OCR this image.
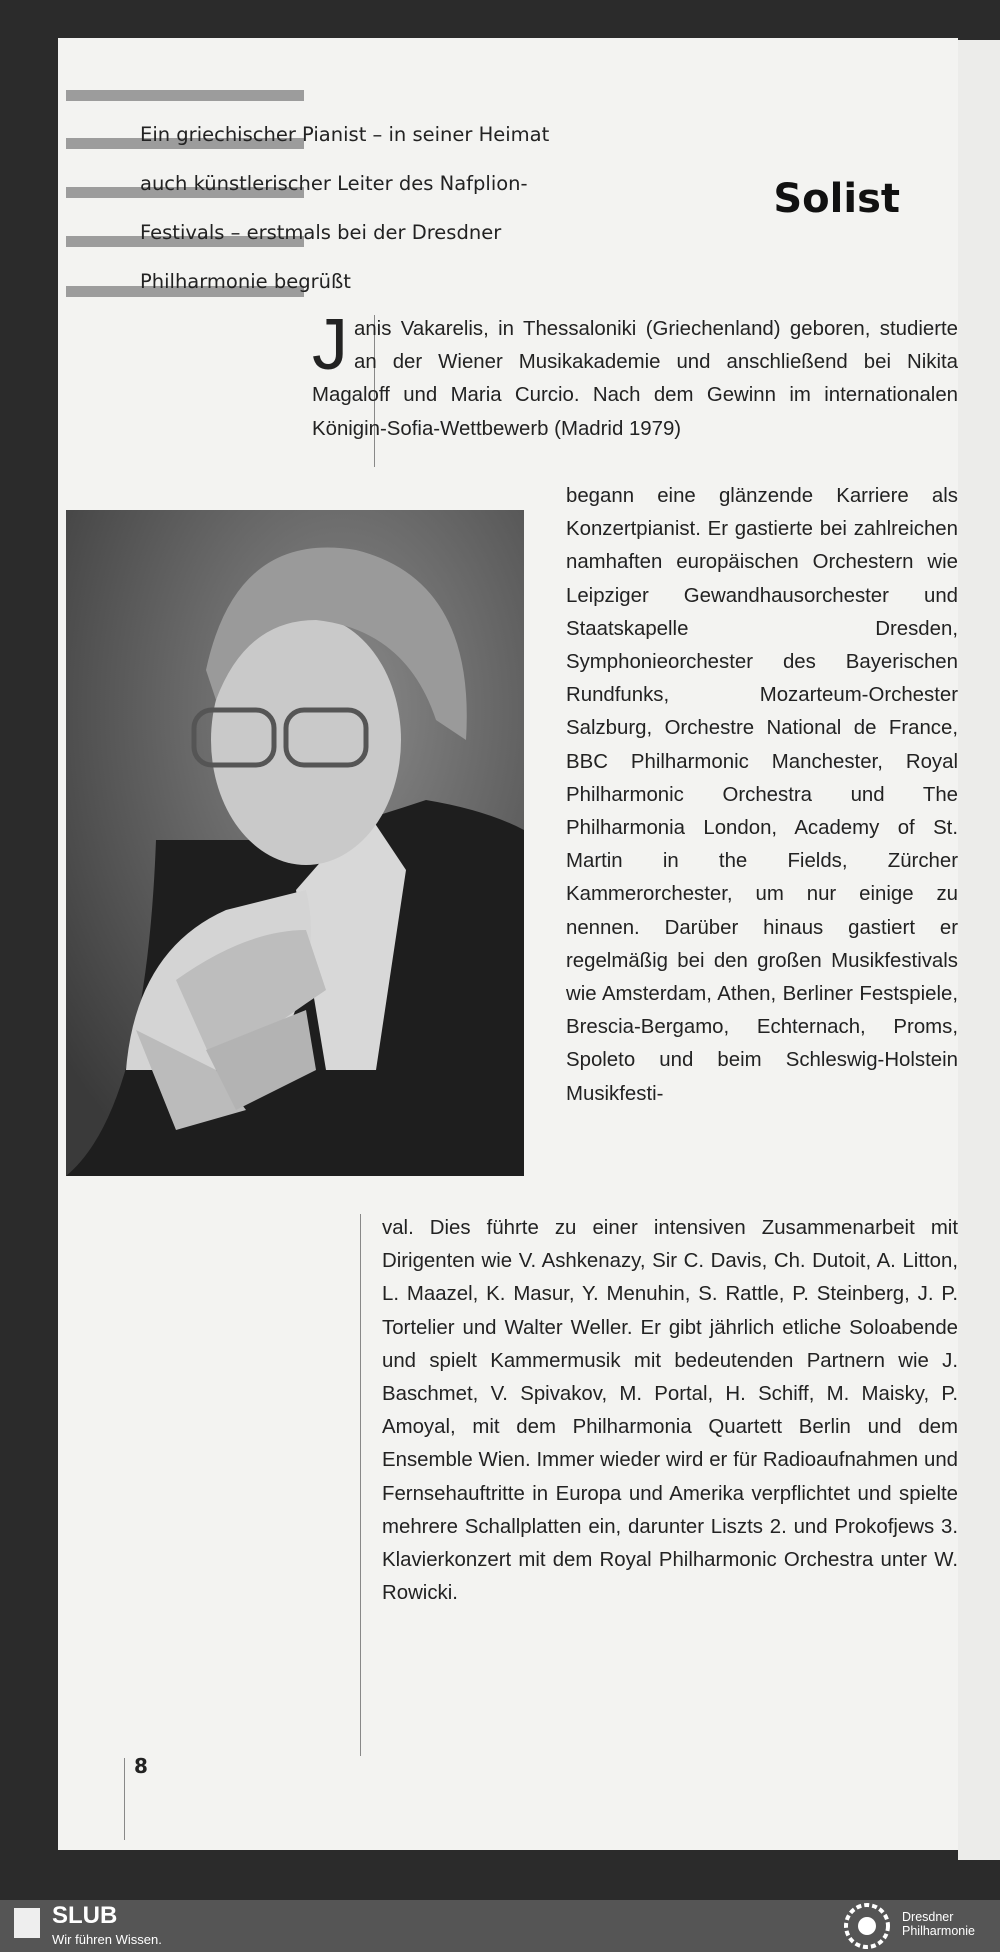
Ein griechischer Pianist – in seiner Heimat auch künstlerischer Leiter des Nafplion-Festivals – erstmals bei der Dresdner Philharmonie begrüßt

Solist

Janis Vakarelis, in Thessaloniki (Griechenland) geboren, studierte an der Wiener Musikakademie und anschließend bei Nikita Magaloff und Maria Curcio. Nach dem Gewinn im internationalen Königin-Sofia-Wettbewerb (Madrid 1979)

begann eine glänzende Karriere als Konzertpianist. Er gastierte bei zahlreichen namhaften europäischen Orchestern wie Leipziger Gewandhausorchester und Staatskapelle Dresden, Symphonieorchester des Bayerischen Rundfunks, Mozarteum-Orchester Salzburg, Orchestre National de France, BBC Philharmonic Manchester, Royal Philharmonic Orchestra und The Philharmonia London, Academy of St. Martin in the Fields, Zürcher Kammerorchester, um nur einige zu nennen. Darüber hinaus gastiert er regelmäßig bei den großen Musikfestivals wie Amsterdam, Athen, Berliner Festspiele, Brescia-Bergamo, Echternach, Proms, Spoleto und beim Schleswig-Holstein Musikfesti-

val. Dies führte zu einer intensiven Zusammenarbeit mit Dirigenten wie V. Ashkenazy, Sir C. Davis, Ch. Dutoit, A. Litton, L. Maazel, K. Masur, Y. Menuhin, S. Rattle, P. Steinberg, J. P. Tortelier und Walter Weller. Er gibt jährlich etliche Soloabende und spielt Kammermusik mit bedeutenden Partnern wie J. Baschmet, V. Spivakov, M. Portal, H. Schiff, M. Maisky, P. Amoyal, mit dem Philharmonia Quartett Berlin und dem Ensemble Wien. Immer wieder wird er für Radioaufnahmen und Fernsehauftritte in Europa und Amerika verpflichtet und spielte mehrere Schallplatten ein, darunter Liszts 2. und Prokofjews 3. Klavierkonzert mit dem Royal Philharmonic Orchestra unter W. Rowicki.

8

SLUB
Wir führen Wissen.
Dresdner
Philharmonie
